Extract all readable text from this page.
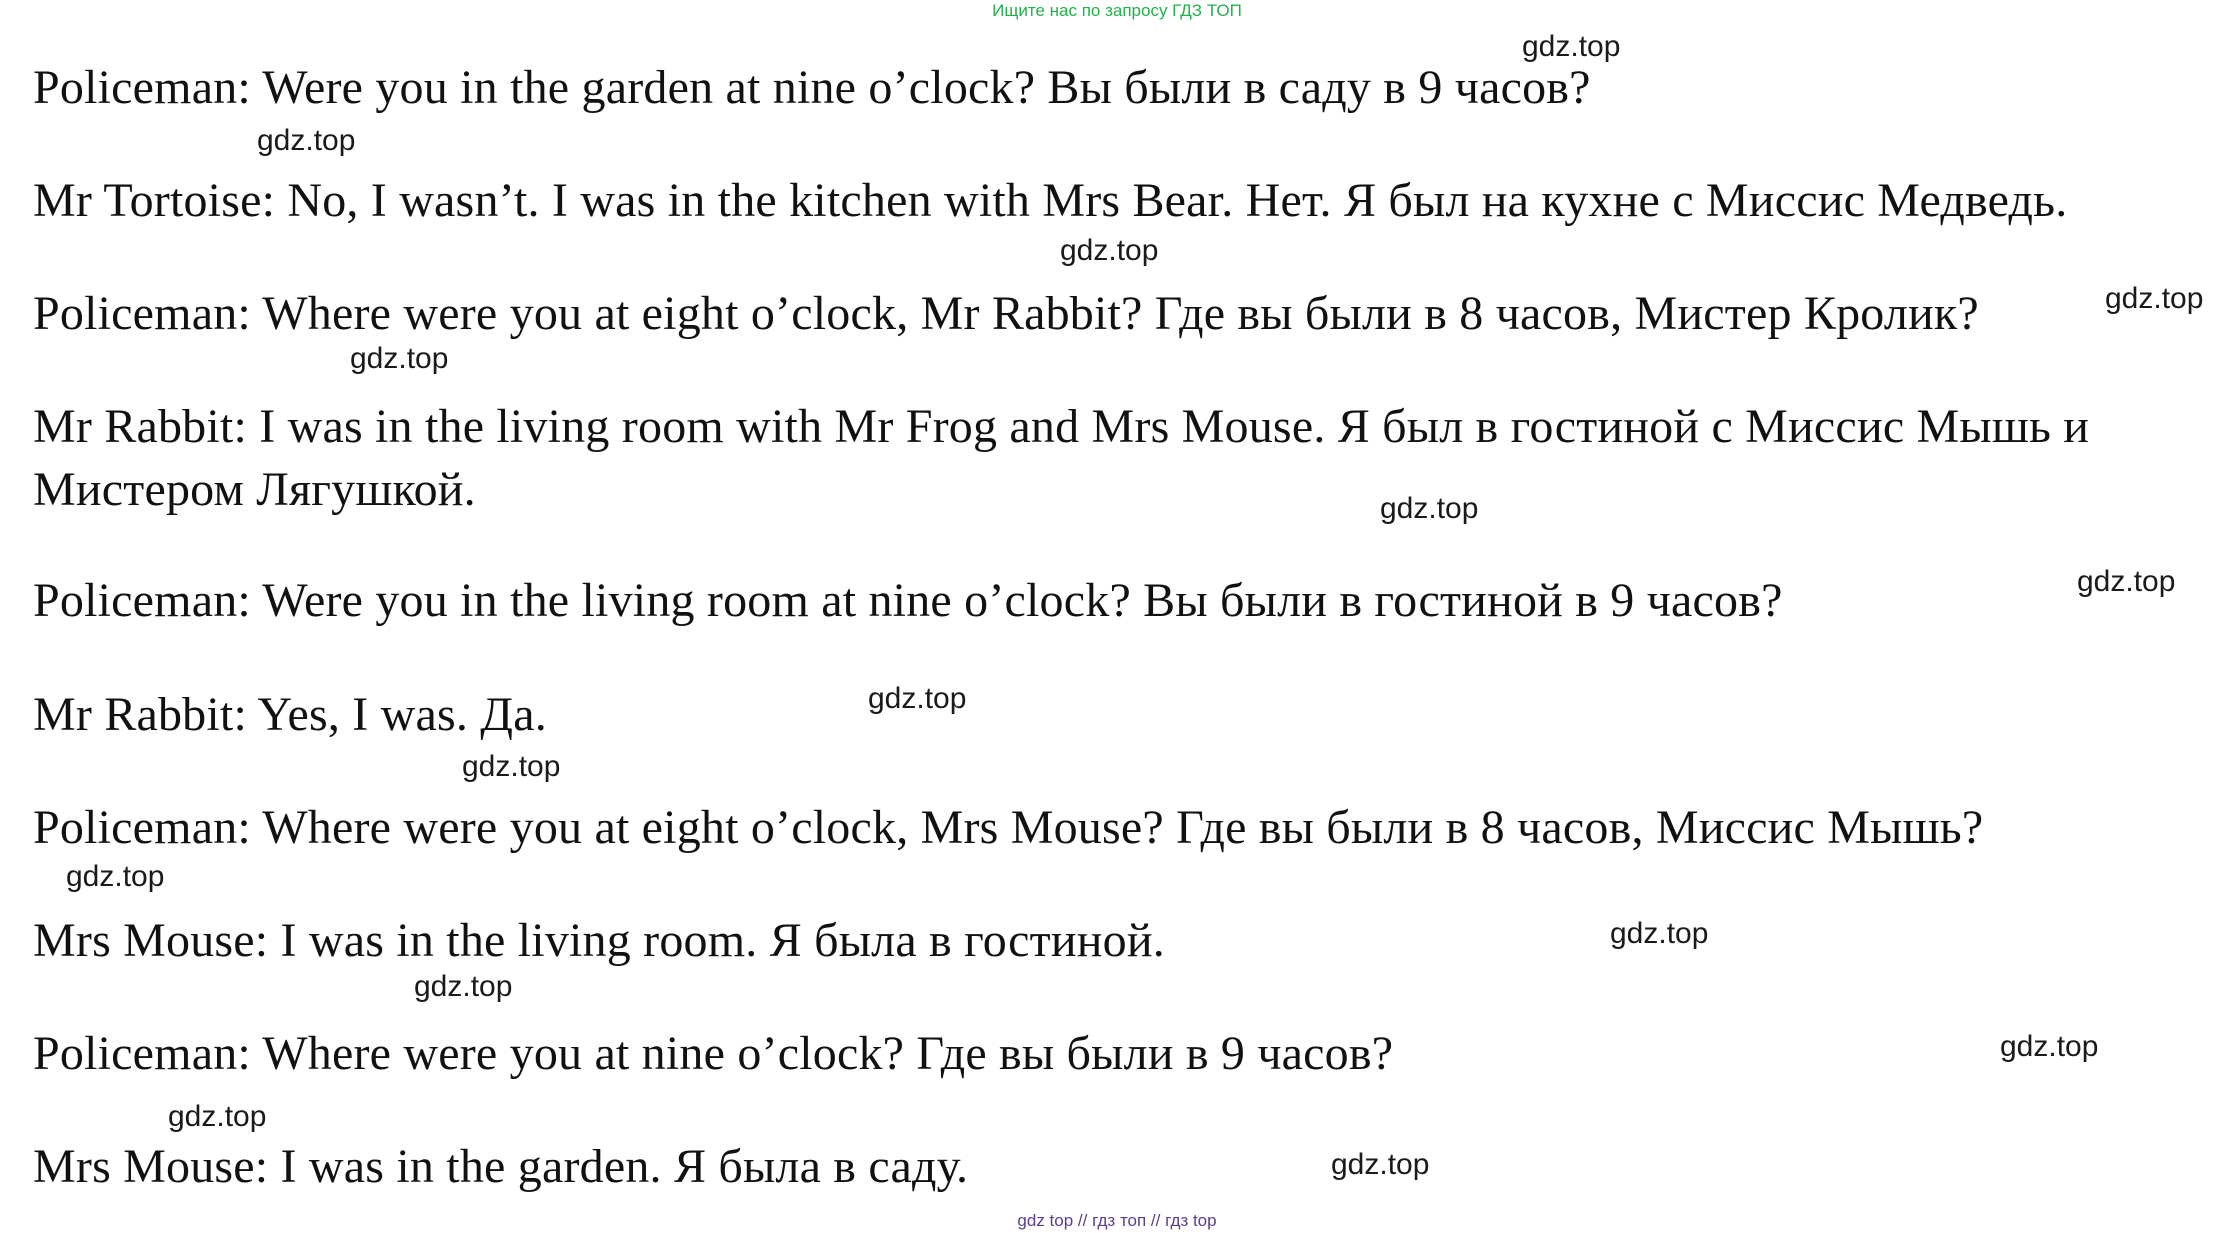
Ищите нас по запросу ГДЗ ТОП
Policeman: Were you in the garden at nine o’clock? Вы были в саду в 9 часов?
Mr Tortoise: No, I wasn’t. I was in the kitchen with Mrs Bear. Нет. Я был на кухне с Миссис Медведь.
Policeman: Where were you at eight o’clock, Mr Rabbit? Где вы были в 8 часов, Мистер Кролик?
Mr Rabbit: I was in the living room with Mr Frog and Mrs Mouse. Я был в гостиной с Миссис Мышь и
Мистером Лягушкой.
Policeman: Were you in the living room at nine o’clock? Вы были в гостиной в 9 часов?
Mr Rabbit: Yes, I was. Да.
Policeman: Where were you at eight o’clock, Mrs Mouse? Где вы были в 8 часов, Миссис Мышь?
Mrs Mouse: I was in the living room. Я была в гостиной.
Policeman: Where were you at nine o’clock? Где вы были в 9 часов?
Mrs Mouse: I was in the garden. Я была в саду.
gdz.top
gdz.top
gdz.top
gdz.top
gdz.top
gdz.top
gdz.top
gdz.top
gdz.top
gdz.top
gdz.top
gdz.top
gdz.top
gdz.top
gdz.top
gdz top // гдз топ // гдз top
